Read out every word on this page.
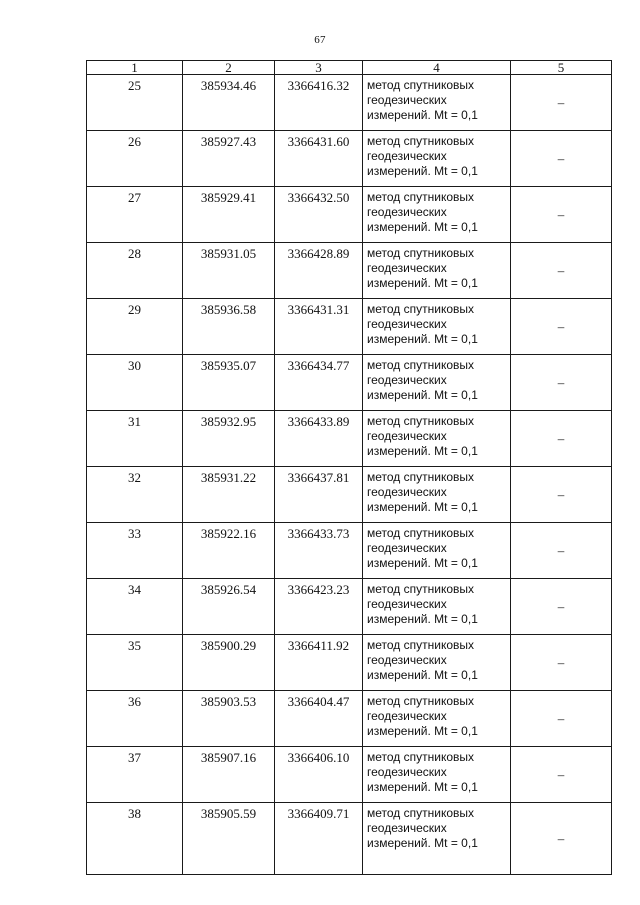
67
1	2	3	4	5
25	385934.46	3366416.32	метод спутниковых
геодезических
измерений. Mt = 0,1	–
26	385927.43	3366431.60	метод спутниковых
геодезических
измерений. Mt = 0,1	–
27	385929.41	3366432.50	метод спутниковых
геодезических
измерений. Mt = 0,1	–
28	385931.05	3366428.89	метод спутниковых
геодезических
измерений. Mt = 0,1	–
29	385936.58	3366431.31	метод спутниковых
геодезических
измерений. Mt = 0,1	–
30	385935.07	3366434.77	метод спутниковых
геодезических
измерений. Mt = 0,1	–
31	385932.95	3366433.89	метод спутниковых
геодезических
измерений. Mt = 0,1	–
32	385931.22	3366437.81	метод спутниковых
геодезических
измерений. Mt = 0,1	–
33	385922.16	3366433.73	метод спутниковых
геодезических
измерений. Mt = 0,1	–
34	385926.54	3366423.23	метод спутниковых
геодезических
измерений. Mt = 0,1	–
35	385900.29	3366411.92	метод спутниковых
геодезических
измерений. Mt = 0,1	–
36	385903.53	3366404.47	метод спутниковых
геодезических
измерений. Mt = 0,1	–
37	385907.16	3366406.10	метод спутниковых
геодезических
измерений. Mt = 0,1	–
38	385905.59	3366409.71	метод спутниковых
геодезических
измерений. Mt = 0,1	–
